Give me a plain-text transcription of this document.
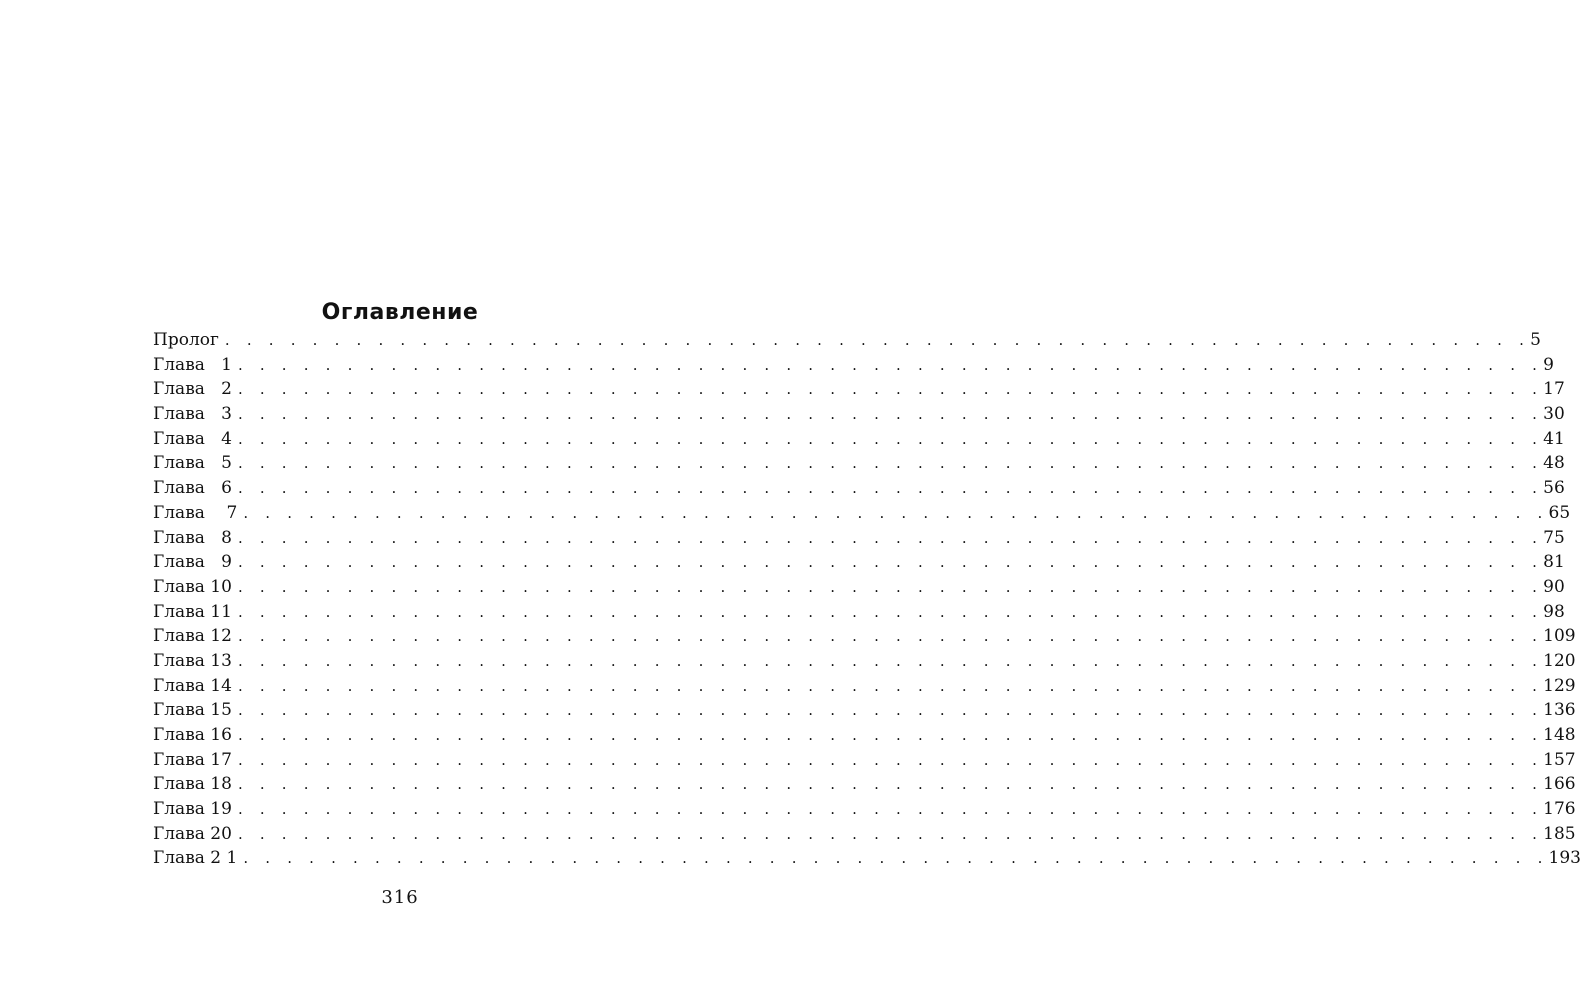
Оглавление
Пролог . . . . . . . . . . . . . . . . . . . . . . . . . . . . . . . . . . . . . . . . . . . . . . . . . . . . . . . . . . . . 5
Глава   1 . . . . . . . . . . . . . . . . . . . . . . . . . . . . . . . . . . . . . . . . . . . . . . . . . . . . . . . . . . . . 9
Глава   2 . . . . . . . . . . . . . . . . . . . . . . . . . . . . . . . . . . . . . . . . . . . . . . . . . . . . . . . . . . . . 17
Глава   3 . . . . . . . . . . . . . . . . . . . . . . . . . . . . . . . . . . . . . . . . . . . . . . . . . . . . . . . . . . . . 30
Глава   4 . . . . . . . . . . . . . . . . . . . . . . . . . . . . . . . . . . . . . . . . . . . . . . . . . . . . . . . . . . . . 41
Глава   5 . . . . . . . . . . . . . . . . . . . . . . . . . . . . . . . . . . . . . . . . . . . . . . . . . . . . . . . . . . . . 48
Глава   6 . . . . . . . . . . . . . . . . . . . . . . . . . . . . . . . . . . . . . . . . . . . . . . . . . . . . . . . . . . . . 56
Глава    7 . . . . . . . . . . . . . . . . . . . . . . . . . . . . . . . . . . . . . . . . . . . . . . . . . . . . . . . . . . . . 65
Глава   8 . . . . . . . . . . . . . . . . . . . . . . . . . . . . . . . . . . . . . . . . . . . . . . . . . . . . . . . . . . . . 75
Глава   9 . . . . . . . . . . . . . . . . . . . . . . . . . . . . . . . . . . . . . . . . . . . . . . . . . . . . . . . . . . . . 81
Глава 10 . . . . . . . . . . . . . . . . . . . . . . . . . . . . . . . . . . . . . . . . . . . . . . . . . . . . . . . . . . . . 90
Глава 11 . . . . . . . . . . . . . . . . . . . . . . . . . . . . . . . . . . . . . . . . . . . . . . . . . . . . . . . . . . . . 98
Глава 12 . . . . . . . . . . . . . . . . . . . . . . . . . . . . . . . . . . . . . . . . . . . . . . . . . . . . . . . . . . . . 109
Глава 13 . . . . . . . . . . . . . . . . . . . . . . . . . . . . . . . . . . . . . . . . . . . . . . . . . . . . . . . . . . . . 120
Глава 14 . . . . . . . . . . . . . . . . . . . . . . . . . . . . . . . . . . . . . . . . . . . . . . . . . . . . . . . . . . . . 129
Глава 15 . . . . . . . . . . . . . . . . . . . . . . . . . . . . . . . . . . . . . . . . . . . . . . . . . . . . . . . . . . . . 136
Глава 16 . . . . . . . . . . . . . . . . . . . . . . . . . . . . . . . . . . . . . . . . . . . . . . . . . . . . . . . . . . . . 148
Глава 17 . . . . . . . . . . . . . . . . . . . . . . . . . . . . . . . . . . . . . . . . . . . . . . . . . . . . . . . . . . . . 157
Глава 18 . . . . . . . . . . . . . . . . . . . . . . . . . . . . . . . . . . . . . . . . . . . . . . . . . . . . . . . . . . . . 166
Глава 19 . . . . . . . . . . . . . . . . . . . . . . . . . . . . . . . . . . . . . . . . . . . . . . . . . . . . . . . . . . . . 176
Глава 20 . . . . . . . . . . . . . . . . . . . . . . . . . . . . . . . . . . . . . . . . . . . . . . . . . . . . . . . . . . . . 185
Глава 2 1 . . . . . . . . . . . . . . . . . . . . . . . . . . . . . . . . . . . . . . . . . . . . . . . . . . . . . . . . . . . . 193
316
